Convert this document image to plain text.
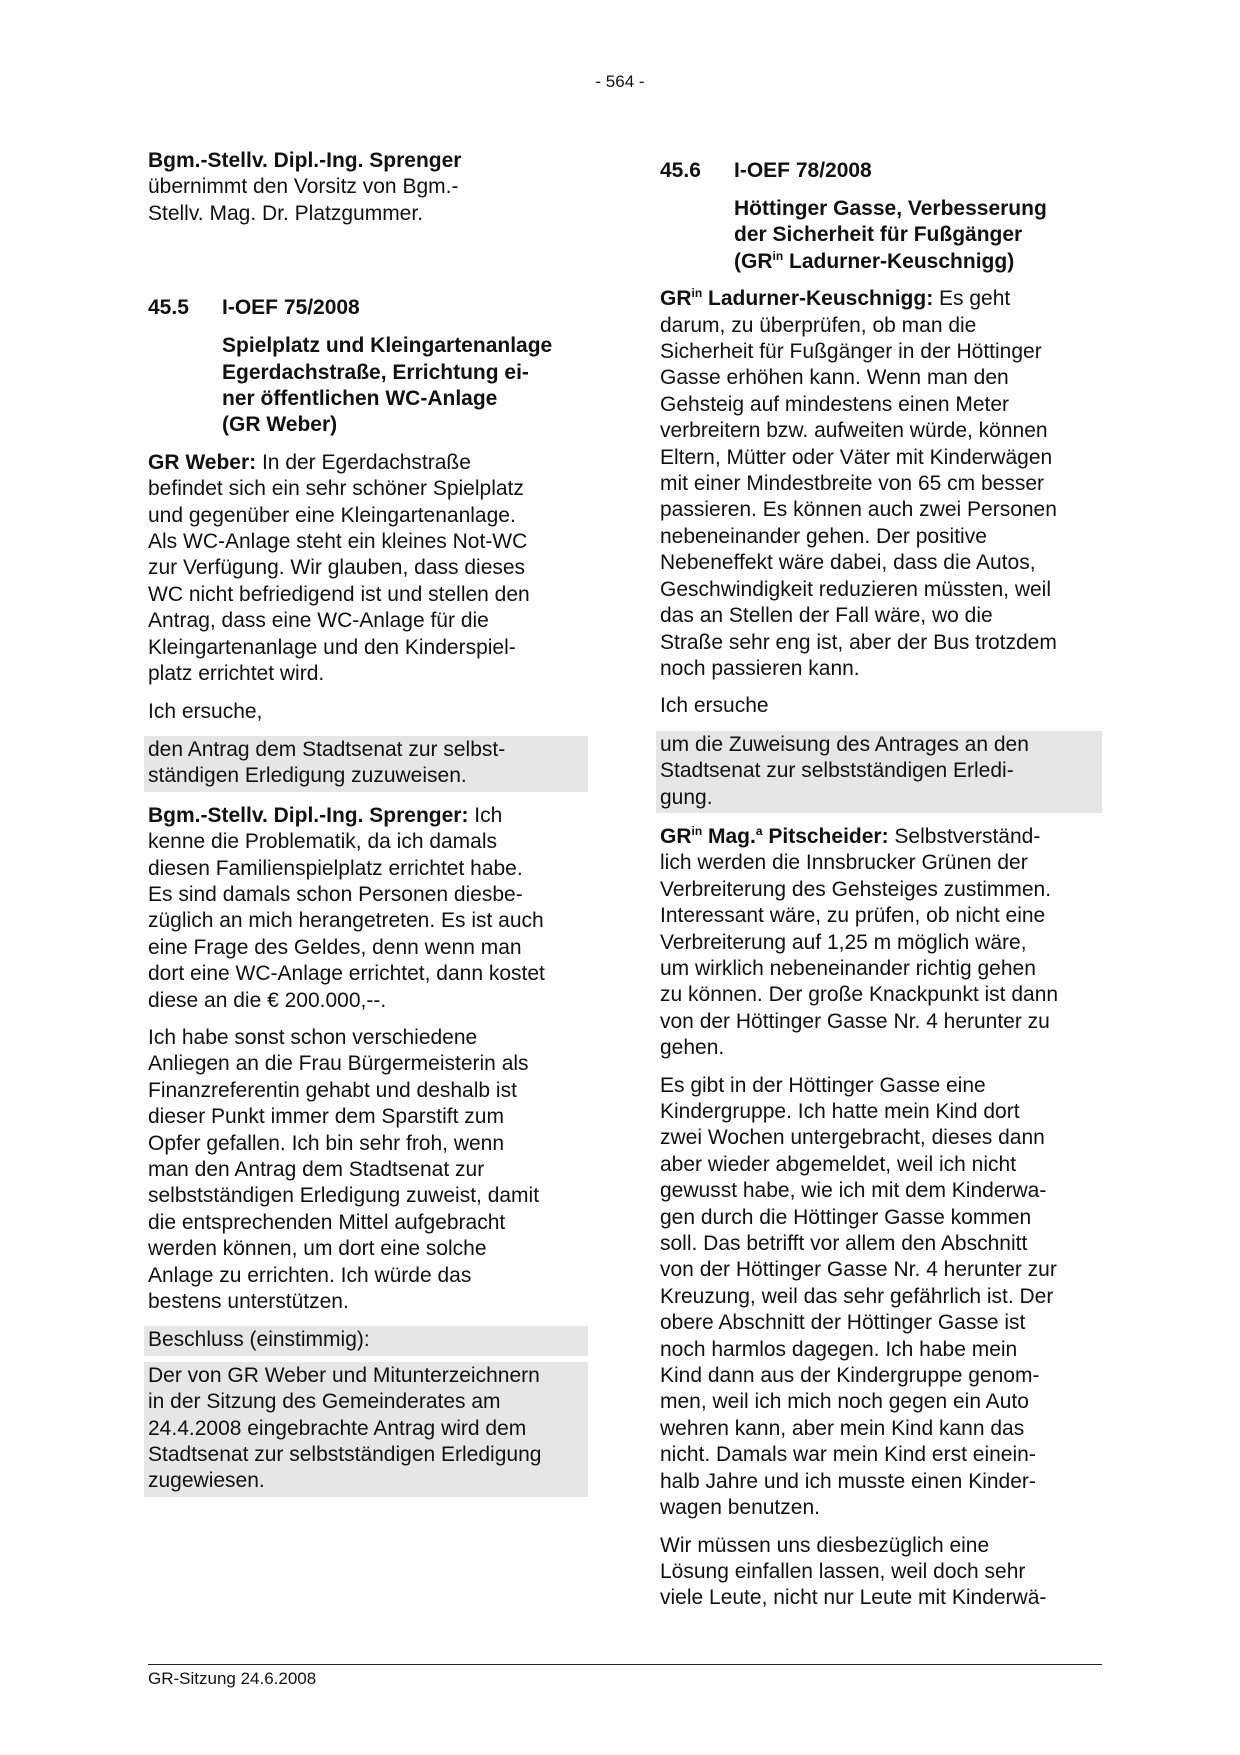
- 564 -

Bgm.-Stellv. Dipl.-Ing. Sprenger
übernimmt den Vorsitz von Bgm.-
Stellv. Mag. Dr. Platzgummer.

45.5	I-OEF 75/2008

Spielplatz und Kleingartenanlage
Egerdachstraße, Errichtung ei-
ner öffentlichen WC-Anlage
(GR Weber)

GR Weber: In der Egerdachstraße
befindet sich ein sehr schöner Spielplatz
und gegenüber eine Kleingartenanlage.
Als WC-Anlage steht ein kleines Not-WC
zur Verfügung. Wir glauben, dass dieses
WC nicht befriedigend ist und stellen den
Antrag, dass eine WC-Anlage für die
Kleingartenanlage und den Kinderspiel-
platz errichtet wird.

Ich ersuche,

den Antrag dem Stadtsenat zur selbst-
ständigen Erledigung zuzuweisen.

Bgm.-Stellv. Dipl.-Ing. Sprenger: Ich
kenne die Problematik, da ich damals
diesen Familienspielplatz errichtet habe.
Es sind damals schon Personen diesbe-
züglich an mich herangetreten. Es ist auch
eine Frage des Geldes, denn wenn man
dort eine WC-Anlage errichtet, dann kostet
diese an die € 200.000,--.

Ich habe sonst schon verschiedene
Anliegen an die Frau Bürgermeisterin als
Finanzreferentin gehabt und deshalb ist
dieser Punkt immer dem Sparstift zum
Opfer gefallen. Ich bin sehr froh, wenn
man den Antrag dem Stadtsenat zur
selbstständigen Erledigung zuweist, damit
die entsprechenden Mittel aufgebracht
werden können, um dort eine solche
Anlage zu errichten. Ich würde das
bestens unterstützen.

Beschluss (einstimmig):

Der von GR Weber und Mitunterzeichnern
in der Sitzung des Gemeinderates am
24.4.2008 eingebrachte Antrag wird dem
Stadtsenat zur selbstständigen Erledigung
zugewiesen.

45.6	I-OEF 78/2008

Höttinger Gasse, Verbesserung
der Sicherheit für Fußgänger
($GR^{in}$ Ladurner-Keuschnigg)

$GR^{in}$ Ladurner-Keuschnigg: Es geht
darum, zu überprüfen, ob man die
Sicherheit für Fußgänger in der Höttinger
Gasse erhöhen kann. Wenn man den
Gehsteig auf mindestens einen Meter
verbreitern bzw. aufweiten würde, können
Eltern, Mütter oder Väter mit Kinderwägen
mit einer Mindestbreite von 65 cm besser
passieren. Es können auch zwei Personen
nebeneinander gehen. Der positive
Nebeneffekt wäre dabei, dass die Autos,
Geschwindigkeit reduzieren müssten, weil
das an Stellen der Fall wäre, wo die
Straße sehr eng ist, aber der Bus trotzdem
noch passieren kann.

Ich ersuche

um die Zuweisung des Antrages an den
Stadtsenat zur selbstständigen Erledi-
gung.

$GR^{in}$ Mag.$^a$ Pitscheider: Selbstverständ-
lich werden die Innsbrucker Grünen der
Verbreiterung des Gehsteiges zustimmen.
Interessant wäre, zu prüfen, ob nicht eine
Verbreiterung auf 1,25 m möglich wäre,
um wirklich nebeneinander richtig gehen
zu können. Der große Knackpunkt ist dann
von der Höttinger Gasse Nr. 4 herunter zu
gehen.

Es gibt in der Höttinger Gasse eine
Kindergruppe. Ich hatte mein Kind dort
zwei Wochen untergebracht, dieses dann
aber wieder abgemeldet, weil ich nicht
gewusst habe, wie ich mit dem Kinderwa-
gen durch die Höttinger Gasse kommen
soll. Das betrifft vor allem den Abschnitt
von der Höttinger Gasse Nr. 4 herunter zur
Kreuzung, weil das sehr gefährlich ist. Der
obere Abschnitt der Höttinger Gasse ist
noch harmlos dagegen. Ich habe mein
Kind dann aus der Kindergruppe genom-
men, weil ich mich noch gegen ein Auto
wehren kann, aber mein Kind kann das
nicht. Damals war mein Kind erst einein-
halb Jahre und ich musste einen Kinder-
wagen benutzen.

Wir müssen uns diesbezüglich eine
Lösung einfallen lassen, weil doch sehr
viele Leute, nicht nur Leute mit Kinderwä-

GR-Sitzung 24.6.2008
